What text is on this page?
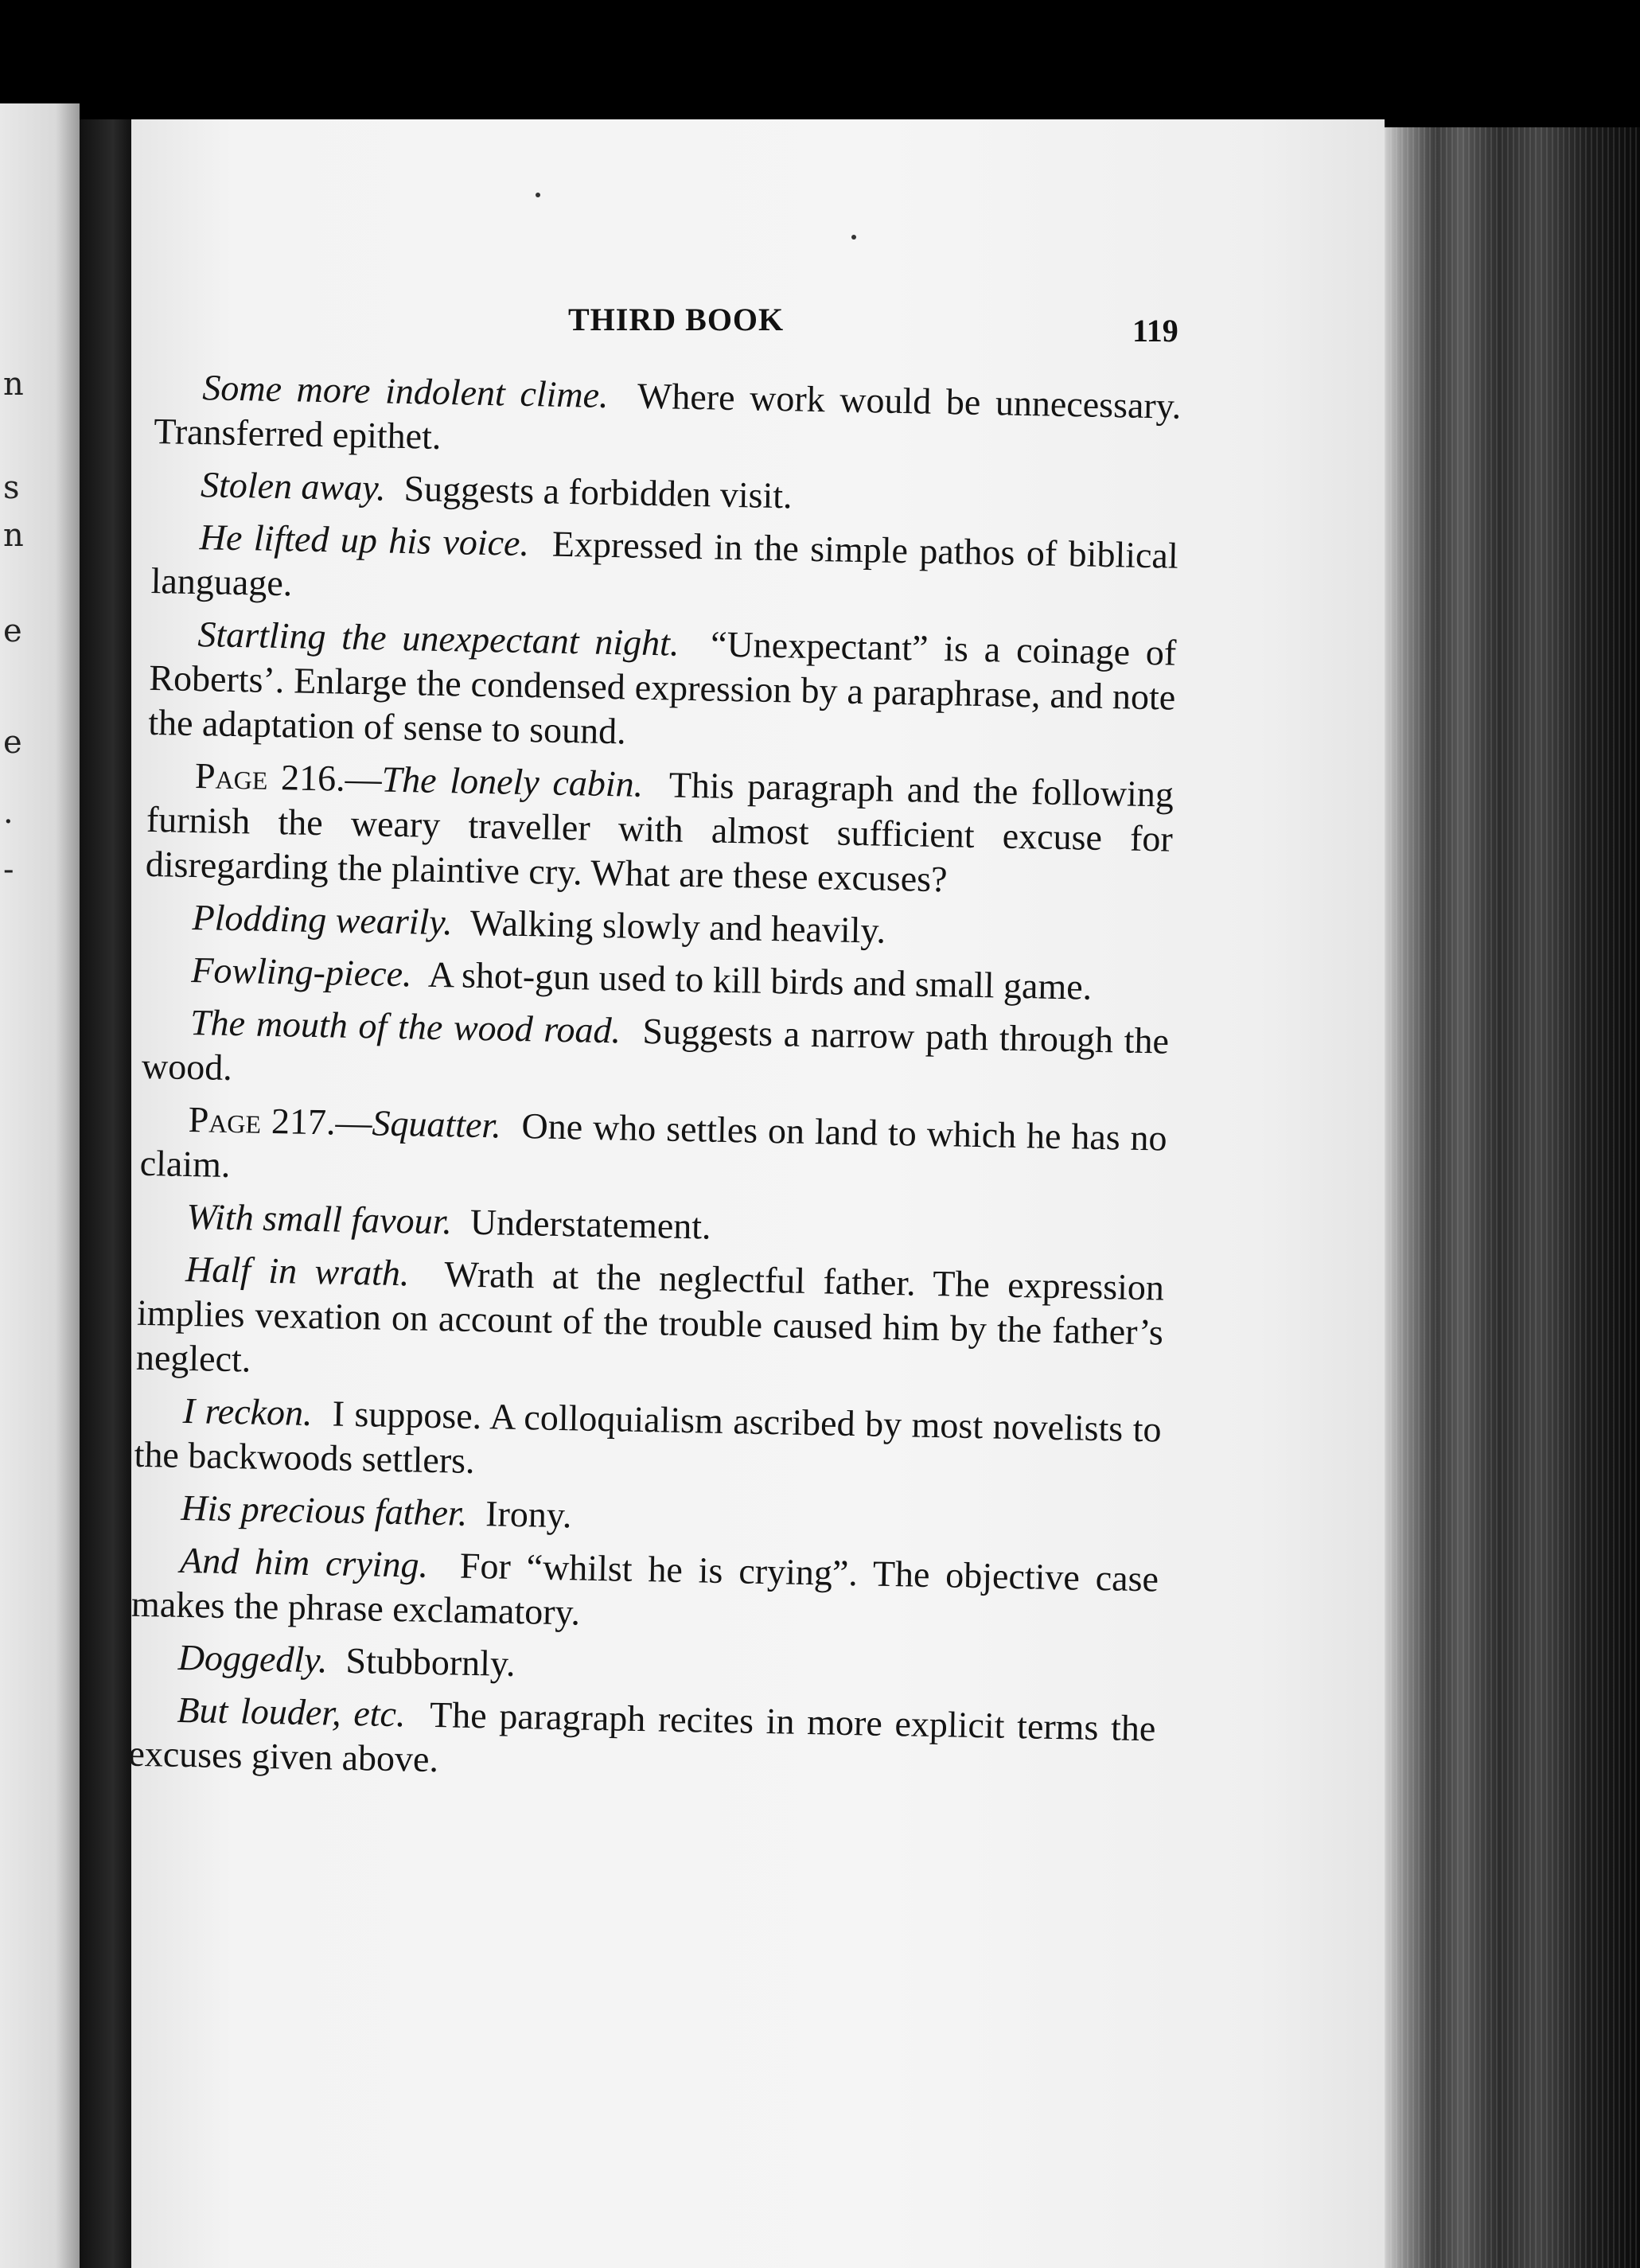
n
s
n
e
e
·
-
THIRD BOOK	119

Some more indolent clime. Where work would be unnecessary. Transferred epithet.

Stolen away. Suggests a forbidden visit.

He lifted up his voice. Expressed in the simple pathos of biblical language.

Startling the unexpectant night. “Unexpectant” is a coinage of Roberts’. Enlarge the condensed expression by a paraphrase, and note the adaptation of sense to sound.

Page 216.—The lonely cabin. This paragraph and the following furnish the weary traveller with almost sufficient excuse for disregarding the plaintive cry. What are these excuses?

Plodding wearily. Walking slowly and heavily.

Fowling-piece. A shot-gun used to kill birds and small game.

The mouth of the wood road. Suggests a narrow path through the wood.

Page 217.—Squatter. One who settles on land to which he has no claim.

With small favour. Understatement.

Half in wrath. Wrath at the neglectful father. The expression implies vexation on account of the trouble caused him by the father’s neglect.

I reckon. I suppose. A colloquialism ascribed by most novelists to the backwoods settlers.

His precious father. Irony.

And him crying. For “whilst he is crying”. The objective case makes the phrase exclamatory.

Doggedly. Stubbornly.

But louder, etc. The paragraph recites in more explicit terms the excuses given above.
